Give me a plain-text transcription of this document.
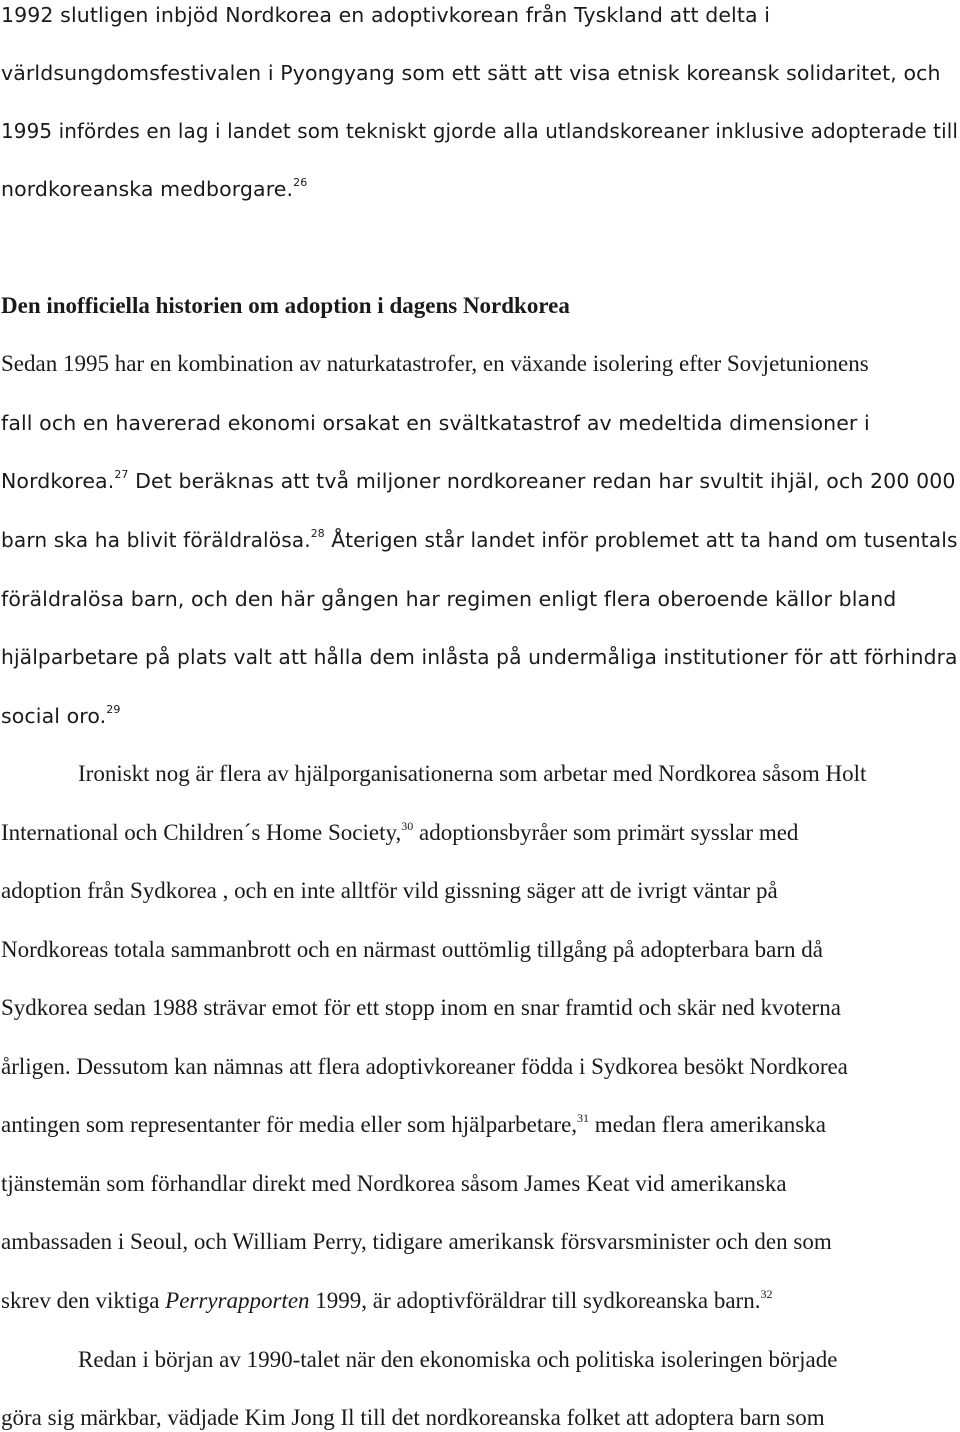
1992 slutligen inbjöd Nordkorea en adoptivkorean från Tyskland att delta i
världsungdomsfestivalen i Pyongyang som ett sätt att visa etnisk koreansk solidaritet, och
1995 infördes en lag i landet som tekniskt gjorde alla utlandskoreaner inklusive adopterade till
nordkoreanska medborgare.$^{26}$
Den inofficiella historien om adoption i dagens Nordkorea
Sedan 1995 har en kombination av naturkatastrofer, en växande isolering efter Sovjetunionens
fall och en havererad ekonomi orsakat en svältkatastrof av medeltida dimensioner i
Nordkorea.$^{27}$ Det beräknas att två miljoner nordkoreaner redan har svultit ihjäl, och 200 000
barn ska ha blivit föräldralösa.$^{28}$ Återigen står landet inför problemet att ta hand om tusentals
föräldralösa barn, och den här gången har regimen enligt flera oberoende källor bland
hjälparbetare på plats valt att hålla dem inlåsta på undermåliga institutioner för att förhindra
social oro.$^{29}$
Ironiskt nog är flera av hjälporganisationerna som arbetar med Nordkorea såsom Holt
International och Children´s Home Society,$^{30}$ adoptionsbyråer som primärt sysslar med
adoption från Sydkorea , och en inte alltför vild gissning säger att de ivrigt väntar på
Nordkoreas totala sammanbrott och en närmast outtömlig tillgång på adopterbara barn då
Sydkorea sedan 1988 strävar emot för ett stopp inom en snar framtid och skär ned kvoterna
årligen. Dessutom kan nämnas att flera adoptivkoreaner födda i Sydkorea besökt Nordkorea
antingen som representanter för media eller som hjälparbetare,$^{31}$ medan flera amerikanska
tjänstemän som förhandlar direkt med Nordkorea såsom James Keat vid amerikanska
ambassaden i Seoul, och William Perry, tidigare amerikansk försvarsminister och den som
skrev den viktiga Perryrapporten 1999, är adoptivföräldrar till sydkoreanska barn.$^{32}$
Redan i början av 1990-talet när den ekonomiska och politiska isoleringen började
göra sig märkbar, vädjade Kim Jong Il till det nordkoreanska folket att adoptera barn som
